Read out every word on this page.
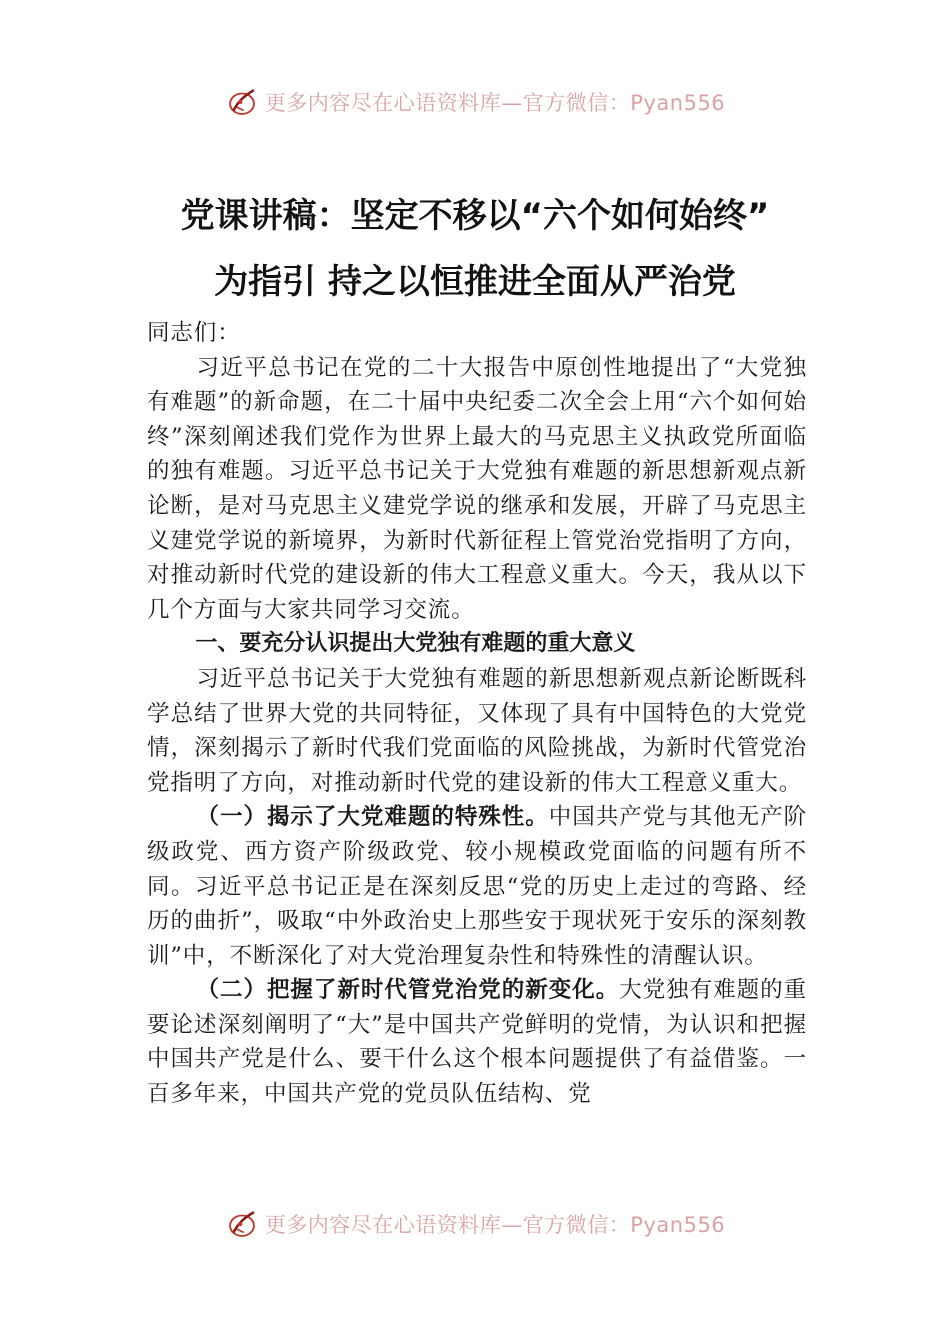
更多内容尽在心语资料库—官方微信：Pyan556
党课讲稿：坚定不移以“六个如何始终”
为指引 持之以恒推进全面从严治党

同志们：

习近平总书记在党的二十大报告中原创性地提出了“大党独有难题”的新命题，在二十届中央纪委二次全会上用“六个如何始终”深刻阐述我们党作为世界上最大的马克思主义执政党所面临的独有难题。习近平总书记关于大党独有难题的新思想新观点新论断，是对马克思主义建党学说的继承和发展，开辟了马克思主义建党学说的新境界，为新时代新征程上管党治党指明了方向，对推动新时代党的建设新的伟大工程意义重大。今天，我从以下几个方面与大家共同学习交流。

一、要充分认识提出大党独有难题的重大意义

习近平总书记关于大党独有难题的新思想新观点新论断既科学总结了世界大党的共同特征，又体现了具有中国特色的大党党情，深刻揭示了新时代我们党面临的风险挑战，为新时代管党治党指明了方向，对推动新时代党的建设新的伟大工程意义重大。

（一）揭示了大党难题的特殊性。中国共产党与其他无产阶级政党、西方资产阶级政党、较小规模政党面临的问题有所不同。习近平总书记正是在深刻反思“党的历史上走过的弯路、经历的曲折”，吸取“中外政治史上那些安于现状死于安乐的深刻教训”中，不断深化了对大党治理复杂性和特殊性的清醒认识。

（二）把握了新时代管党治党的新变化。大党独有难题的重要论述深刻阐明了“大”是中国共产党鲜明的党情，为认识和把握中国共产党是什么、要干什么这个根本问题提供了有益借鉴。一百多年来，中国共产党的党员队伍结构、党

更多内容尽在心语资料库—官方微信：Pyan556
